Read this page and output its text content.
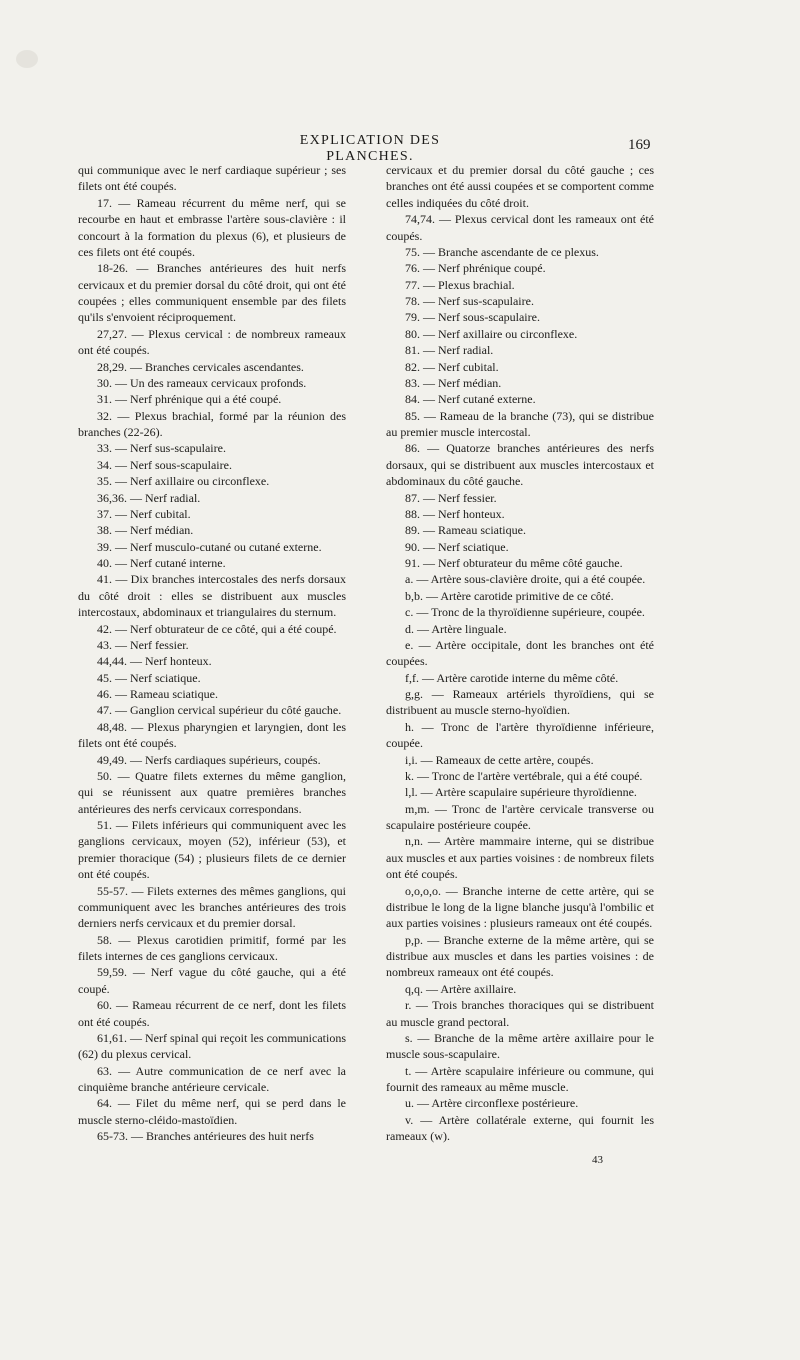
EXPLICATION DES PLANCHES.
169

qui communique avec le nerf cardiaque supérieur ; ses filets ont été coupés.

17. — Rameau récurrent du même nerf, qui se recourbe en haut et embrasse l'artère sous-clavière : il concourt à la formation du plexus (6), et plusieurs de ces filets ont été coupés.

18-26. — Branches antérieures des huit nerfs cervicaux et du premier dorsal du côté droit, qui ont été coupées ; elles communiquent ensemble par des filets qu'ils s'envoient réciproquement.

27,27. — Plexus cervical : de nombreux rameaux ont été coupés.

28,29. — Branches cervicales ascendantes.

30. — Un des rameaux cervicaux profonds.

31. — Nerf phrénique qui a été coupé.

32. — Plexus brachial, formé par la réunion des branches (22-26).

33. — Nerf sus-scapulaire.

34. — Nerf sous-scapulaire.

35. — Nerf axillaire ou circonflexe.

36,36. — Nerf radial.

37. — Nerf cubital.

38. — Nerf médian.

39. — Nerf musculo-cutané ou cutané externe.

40. — Nerf cutané interne.

41. — Dix branches intercostales des nerfs dorsaux du côté droit : elles se distribuent aux muscles intercostaux, abdominaux et triangulaires du sternum.

42. — Nerf obturateur de ce côté, qui a été coupé.

43. — Nerf fessier.

44,44. — Nerf honteux.

45. — Nerf sciatique.

46. — Rameau sciatique.

47. — Ganglion cervical supérieur du côté gauche.

48,48. — Plexus pharyngien et laryngien, dont les filets ont été coupés.

49,49. — Nerfs cardiaques supérieurs, coupés.

50. — Quatre filets externes du même ganglion, qui se réunissent aux quatre premières branches antérieures des nerfs cervicaux correspondans.

51. — Filets inférieurs qui communiquent avec les ganglions cervicaux, moyen (52), inférieur (53), et premier thoracique (54) ; plusieurs filets de ce dernier ont été coupés.

55-57. — Filets externes des mêmes ganglions, qui communiquent avec les branches antérieures des trois derniers nerfs cervicaux et du premier dorsal.

58. — Plexus carotidien primitif, formé par les filets internes de ces ganglions cervicaux.

59,59. — Nerf vague du côté gauche, qui a été coupé.

60. — Rameau récurrent de ce nerf, dont les filets ont été coupés.

61,61. — Nerf spinal qui reçoit les communications (62) du plexus cervical.

63. — Autre communication de ce nerf avec la cinquième branche antérieure cervicale.

64. — Filet du même nerf, qui se perd dans le muscle sterno-cléido-mastoïdien.

65-73. — Branches antérieures des huit nerfs

cervicaux et du premier dorsal du côté gauche ; ces branches ont été aussi coupées et se comportent comme celles indiquées du côté droit.

74,74. — Plexus cervical dont les rameaux ont été coupés.

75. — Branche ascendante de ce plexus.

76. — Nerf phrénique coupé.

77. — Plexus brachial.

78. — Nerf sus-scapulaire.

79. — Nerf sous-scapulaire.

80. — Nerf axillaire ou circonflexe.

81. — Nerf radial.

82. — Nerf cubital.

83. — Nerf médian.

84. — Nerf cutané externe.

85. — Rameau de la branche (73), qui se distribue au premier muscle intercostal.

86. — Quatorze branches antérieures des nerfs dorsaux, qui se distribuent aux muscles intercostaux et abdominaux du côté gauche.

87. — Nerf fessier.

88. — Nerf honteux.

89. — Rameau sciatique.

90. — Nerf sciatique.

91. — Nerf obturateur du même côté gauche.

a. — Artère sous-clavière droite, qui a été coupée.

b,b. — Artère carotide primitive de ce côté.

c. — Tronc de la thyroïdienne supérieure, coupée.

d. — Artère linguale.

e. — Artère occipitale, dont les branches ont été coupées.

f,f. — Artère carotide interne du même côté.

g,g. — Rameaux artériels thyroïdiens, qui se distribuent au muscle sterno-hyoïdien.

h. — Tronc de l'artère thyroïdienne inférieure, coupée.

i,i. — Rameaux de cette artère, coupés.

k. — Tronc de l'artère vertébrale, qui a été coupé.

l,l. — Artère scapulaire supérieure thyroïdienne.

m,m. — Tronc de l'artère cervicale transverse ou scapulaire postérieure coupée.

n,n. — Artère mammaire interne, qui se distribue aux muscles et aux parties voisines : de nombreux filets ont été coupés.

o,o,o,o. — Branche interne de cette artère, qui se distribue le long de la ligne blanche jusqu'à l'ombilic et aux parties voisines : plusieurs rameaux ont été coupés.

p,p. — Branche externe de la même artère, qui se distribue aux muscles et dans les parties voisines : de nombreux rameaux ont été coupés.

q,q. — Artère axillaire.

r. — Trois branches thoraciques qui se distribuent au muscle grand pectoral.

s. — Branche de la même artère axillaire pour le muscle sous-scapulaire.

t. — Artère scapulaire inférieure ou commune, qui fournit des rameaux au même muscle.

u. — Artère circonflexe postérieure.

v. — Artère collatérale externe, qui fournit les rameaux (w).

43
